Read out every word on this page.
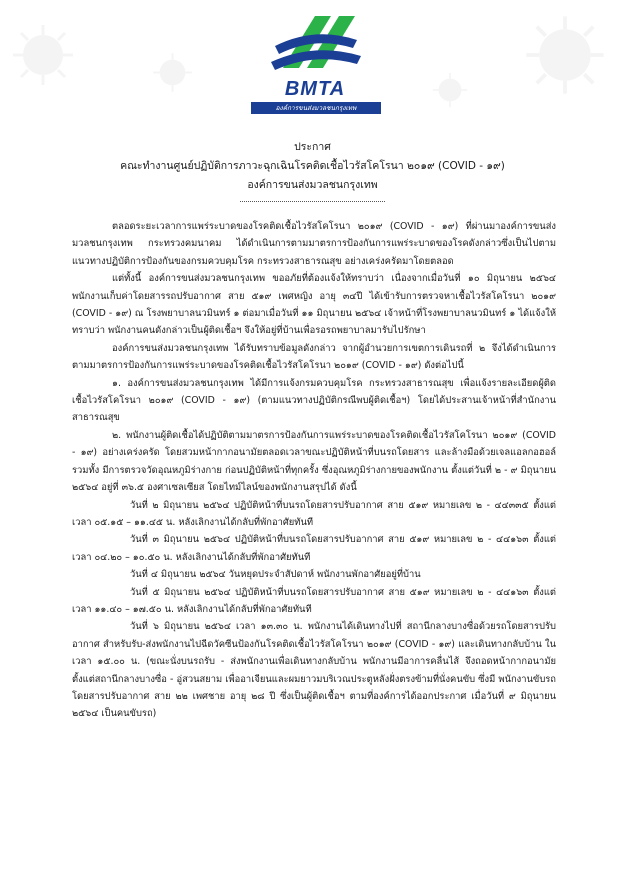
BMTA
องค์การขนส่งมวลชนกรุงเทพ
ประกาศ
คณะทำงานศูนย์ปฏิบัติการภาวะฉุกเฉินโรคติดเชื้อไวรัสโคโรนา ๒๐๑๙ (COVID - ๑๙)
องค์การขนส่งมวลชนกรุงเทพ
ตลอดระยะเวลาการแพร่ระบาดของโรคติดเชื้อไวรัสโคโรนา ๒๐๑๙ (COVID - ๑๙) ที่ผ่านมาองค์การขนส่งมวลชนกรุงเทพ กระทรวงคมนาคม ได้ดำเนินการตามมาตรการป้องกันการแพร่ระบาดของโรคดังกล่าวซึ่งเป็นไปตามแนวทางปฏิบัติการป้องกันของกรมควบคุมโรค กระทรวงสาธารณสุข อย่างเคร่งครัดมาโดยตลอด
แต่ทั้งนี้ องค์การขนส่งมวลชนกรุงเทพ ขออภัยที่ต้องแจ้งให้ทราบว่า เนื่องจากเมื่อวันที่ ๑๐ มิถุนายน ๒๕๖๔ พนักงานเก็บค่าโดยสารรถปรับอากาศ สาย ๕๑๙ เพศหญิง อายุ ๓๔ปี ได้เข้ารับการตรวจหาเชื้อไวรัสโคโรนา ๒๐๑๙ (COVID - ๑๙) ณ โรงพยาบาลนวมินทร์ ๑ ต่อมาเมื่อวันที่ ๑๑ มิถุนายน ๒๕๖๔ เจ้าหน้าที่โรงพยาบาลนวมินทร์ ๑ ได้แจ้งให้ทราบว่า พนักงานคนดังกล่าวเป็นผู้ติดเชื้อฯ จึงให้อยู่ที่บ้านเพื่อรอรถพยาบาลมารับไปรักษา
องค์การขนส่งมวลชนกรุงเทพ ได้รับทราบข้อมูลดังกล่าว จากผู้อำนวยการเขตการเดินรถที่ ๒ จึงได้ดำเนินการตามมาตรการป้องกันการแพร่ระบาดของโรคติดเชื้อไวรัสโคโรนา ๒๐๑๙ (COVID - ๑๙) ดังต่อไปนี้
๑. องค์การขนส่งมวลชนกรุงเทพ ได้มีการแจ้งกรมควบคุมโรค กระทรวงสาธารณสุข เพื่อแจ้งรายละเอียดผู้ติดเชื้อไวรัสโคโรนา ๒๐๑๙ (COVID - ๑๙) (ตามแนวทางปฏิบัติกรณีพบผู้ติดเชื้อฯ) โดยได้ประสานเจ้าหน้าที่สำนักงานสาธารณสุข
๒. พนักงานผู้ติดเชื้อได้ปฏิบัติตามมาตรการป้องกันการแพร่ระบาดของโรคติดเชื้อไวรัสโคโรนา ๒๐๑๙ (COVID - ๑๙) อย่างเคร่งครัด โดยสวมหน้ากากอนามัยตลอดเวลาขณะปฏิบัติหน้าที่บนรถโดยสาร และล้างมือด้วยเจลแอลกอฮอล์ รวมทั้ง มีการตรวจวัดอุณหภูมิร่างกาย ก่อนปฏิบัติหน้าที่ทุกครั้ง ซึ่งอุณหภูมิร่างกายของพนักงาน ตั้งแต่วันที่ ๒ - ๙ มิถุนายน ๒๕๖๔ อยู่ที่ ๓๖.๕ องศาเซลเซียส โดยไทม์ไลน์ของพนักงานสรุปได้ ดังนี้
วันที่ ๒ มิถุนายน ๒๕๖๔ ปฏิบัติหน้าที่บนรถโดยสารปรับอากาศ สาย ๕๑๙ หมายเลข ๒ - ๔๔๓๓๕ ตั้งแต่เวลา ๐๕.๑๕ – ๑๑.๔๕ น. หลังเลิกงานได้กลับที่พักอาศัยทันที
วันที่ ๓ มิถุนายน ๒๕๖๔ ปฏิบัติหน้าที่บนรถโดยสารปรับอากาศ สาย ๕๑๙ หมายเลข ๒ - ๔๔๑๖๓ ตั้งแต่เวลา ๐๔.๒๐ – ๑๐.๕๐ น. หลังเลิกงานได้กลับที่พักอาศัยทันที
วันที่ ๔ มิถุนายน ๒๕๖๔ วันหยุดประจำสัปดาห์ พนักงานพักอาศัยอยู่ที่บ้าน
วันที่ ๕ มิถุนายน ๒๕๖๔ ปฏิบัติหน้าที่บนรถโดยสารปรับอากาศ สาย ๕๑๙ หมายเลข ๒ - ๔๔๑๖๓ ตั้งแต่เวลา ๑๑.๔๐ – ๑๗.๕๐ น. หลังเลิกงานได้กลับที่พักอาศัยทันที
วันที่ ๖ มิถุนายน ๒๕๖๔ เวลา ๑๓.๓๐ น. พนักงานได้เดินทางไปที่ สถานีกลางบางซื่อด้วยรถโดยสารปรับอากาศ สำหรับรับ-ส่งพนักงานไปฉีดวัคซีนป้องกันโรคติดเชื้อไวรัสโคโรนา ๒๐๑๙ (COVID - ๑๙) และเดินทางกลับบ้าน ในเวลา ๑๕.๐๐ น. (ขณะนั่งบนรถรับ - ส่งพนักงานเพื่อเดินทางกลับบ้าน พนักงานมีอาการคลื่นไส้ จึงถอดหน้ากากอนามัย ตั้งแต่สถานีกลางบางซื่อ - อู่สวนสยาม เพื่ออาเจียนและผมยาวมบริเวณประตูหลังฝั่งตรงข้ามที่นั่งคนขับ ซึ่งมี พนักงานขับรถโดยสารปรับอากาศ สาย ๒๒ เพศชาย อายุ ๒๘ ปี ซึ่งเป็นผู้ติดเชื้อฯ ตามที่องค์การได้ออกประกาศ เมื่อวันที่ ๙ มิถุนายน ๒๕๖๔ เป็นคนขับรถ)
